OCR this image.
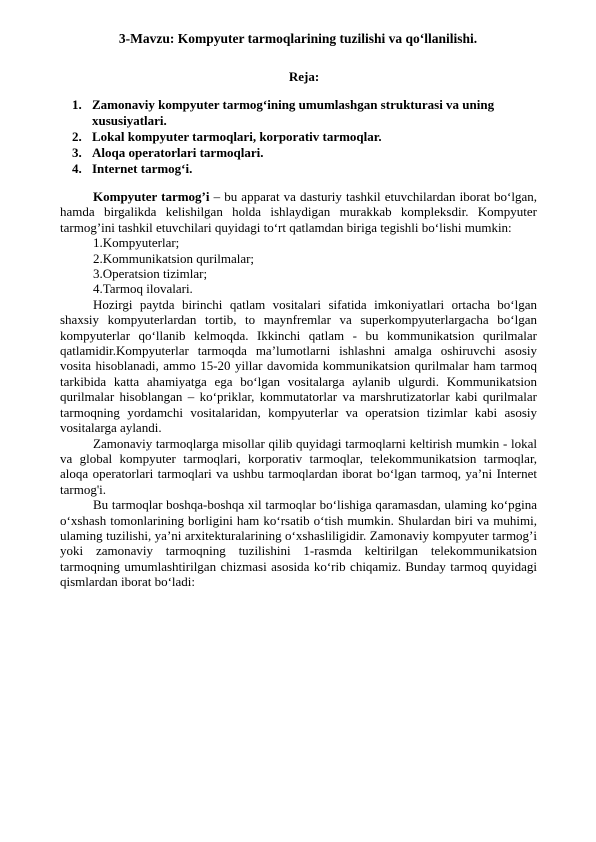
3-Mavzu: Kompyuter tarmoqlarining tuzilishi va qo‘llanilishi.
Reja:
1. Zamonaviy kompyuter tarmog‘ining umumlashgan strukturasi va uning xususiyatlari.
2. Lokal kompyuter tarmoqlari, korporativ tarmoqlar.
3. Aloqa operatorlari tarmoqlari.
4. Internet tarmog‘i.

Kompyuter tarmog’i – bu apparat va dasturiy tashkil etuvchilardan iborat bo‘lgan, hamda birgalikda kelishilgan holda ishlaydigan murakkab kompleksdir. Kompyuter tarmog’ini tashkil etuvchilari quyidagi to‘rt qatlamdan biriga tegishli bo‘lishi mumkin:

1.Kompyuterlar;

2.Kommunikatsion qurilmalar;

3.Operatsion tizimlar;

4.Tarmoq ilovalari.

Hozirgi paytda birinchi qatlam vositalari sifatida imkoniyatlari ortacha bo‘lgan shaxsiy kompyuterlardan tortib, to maynfremlar va superkompyuterlargacha bo‘lgan kompyuterlar qo‘llanib kelmoqda. Ikkinchi qatlam - bu kommunikatsion qurilmalar qatlamidir.Kompyuterlar tarmoqda ma’lumotlarni ishlashni amalga oshiruvchi asosiy vosita hisoblanadi, ammo 15-20 yillar davomida kommunikatsion qurilmalar ham tarmoq tarkibida katta ahamiyatga ega bo‘lgan vositalarga aylanib ulgurdi. Kommunikatsion qurilmalar hisoblangan – ko‘priklar, kommutatorlar va marshrutizatorlar kabi qurilmalar tarmoqning yordamchi vositalaridan, kompyuterlar va operatsion tizimlar kabi asosiy vositalarga aylandi.

Zamonaviy tarmoqlarga misollar qilib quyidagi tarmoqlarni keltirish mumkin - lokal va global kompyuter tarmoqlari, korporativ tarmoqlar, telekommunikatsion tarmoqlar, aloqa operatorlari tarmoqlari va ushbu tarmoqlardan iborat bo‘lgan tarmoq, ya’ni Internet tarmog'i.

Bu tarmoqlar boshqa-boshqa xil tarmoqlar bo‘lishiga qaramasdan, ulaming ko‘pgina o‘xshash tomonlarining borligini ham ko‘rsatib o‘tish mumkin. Shulardan biri va muhimi, ulaming tuzilishi, ya’ni arxitekturalarining o‘xshasliligidir. Zamonaviy kompyuter tarmog’i yoki zamonaviy tarmoqning tuzilishini 1-rasmda keltirilgan telekommunikatsion tarmoqning umumlashtirilgan chizmasi asosida ko‘rib chiqamiz. Bunday tarmoq quyidagi qismlardan iborat bo‘ladi:
